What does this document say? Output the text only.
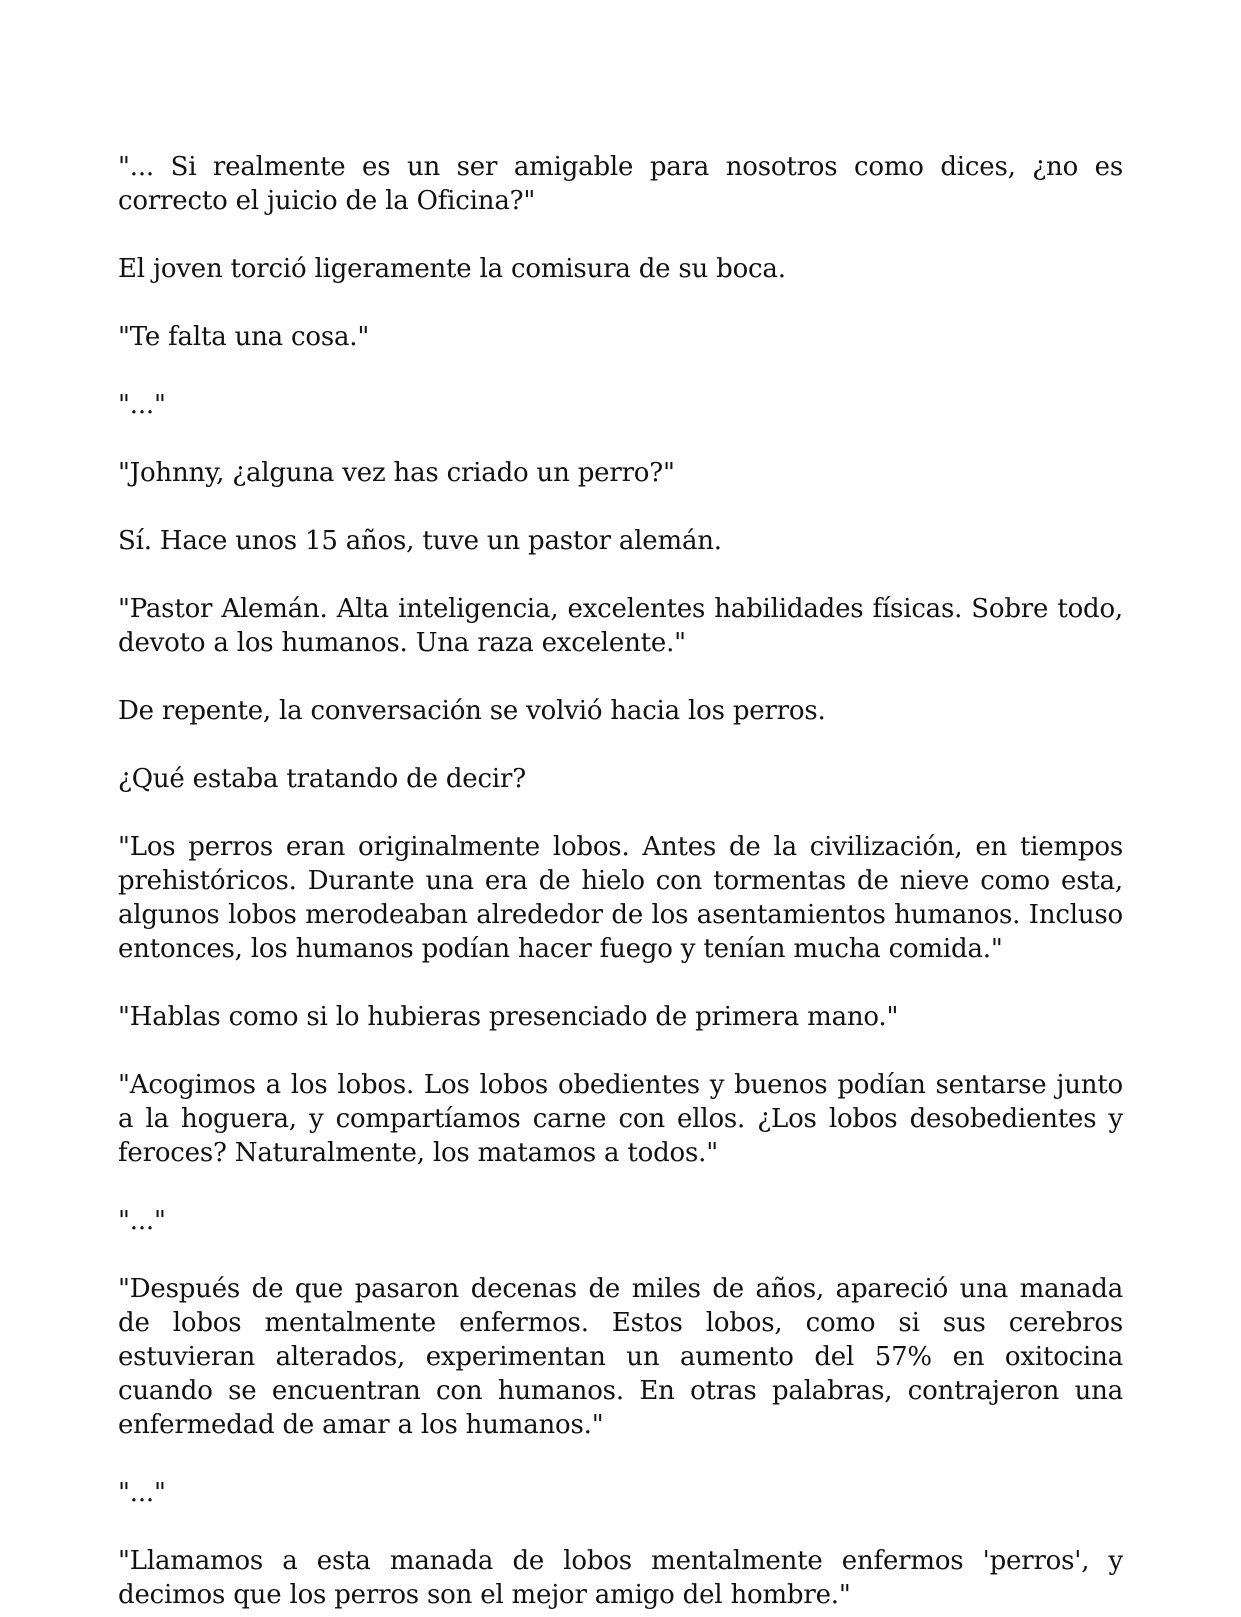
"... Si realmente es un ser amigable para nosotros como dices, ¿no es correcto el juicio de la Oficina?"

El joven torció ligeramente la comisura de su boca.

"Te falta una cosa."

"..."

"Johnny, ¿alguna vez has criado un perro?"

Sí. Hace unos 15 años, tuve un pastor alemán.

"Pastor Alemán. Alta inteligencia, excelentes habilidades físicas. Sobre todo, devoto a los humanos. Una raza excelente."

De repente, la conversación se volvió hacia los perros.

¿Qué estaba tratando de decir?

"Los perros eran originalmente lobos. Antes de la civilización, en tiempos prehistóricos. Durante una era de hielo con tormentas de nieve como esta, algunos lobos merodeaban alrededor de los asentamientos humanos. Incluso entonces, los humanos podían hacer fuego y tenían mucha comida."

"Hablas como si lo hubieras presenciado de primera mano."

"Acogimos a los lobos. Los lobos obedientes y buenos podían sentarse junto a la hoguera, y compartíamos carne con ellos. ¿Los lobos desobedientes y feroces? Naturalmente, los matamos a todos."

"..."

"Después de que pasaron decenas de miles de años, apareció una manada de lobos mentalmente enfermos. Estos lobos, como si sus cerebros estuvieran alterados, experimentan un aumento del 57% en oxitocina cuando se encuentran con humanos. En otras palabras, contrajeron una enfermedad de amar a los humanos."

"..."

"Llamamos a esta manada de lobos mentalmente enfermos 'perros', y decimos que los perros son el mejor amigo del hombre."
